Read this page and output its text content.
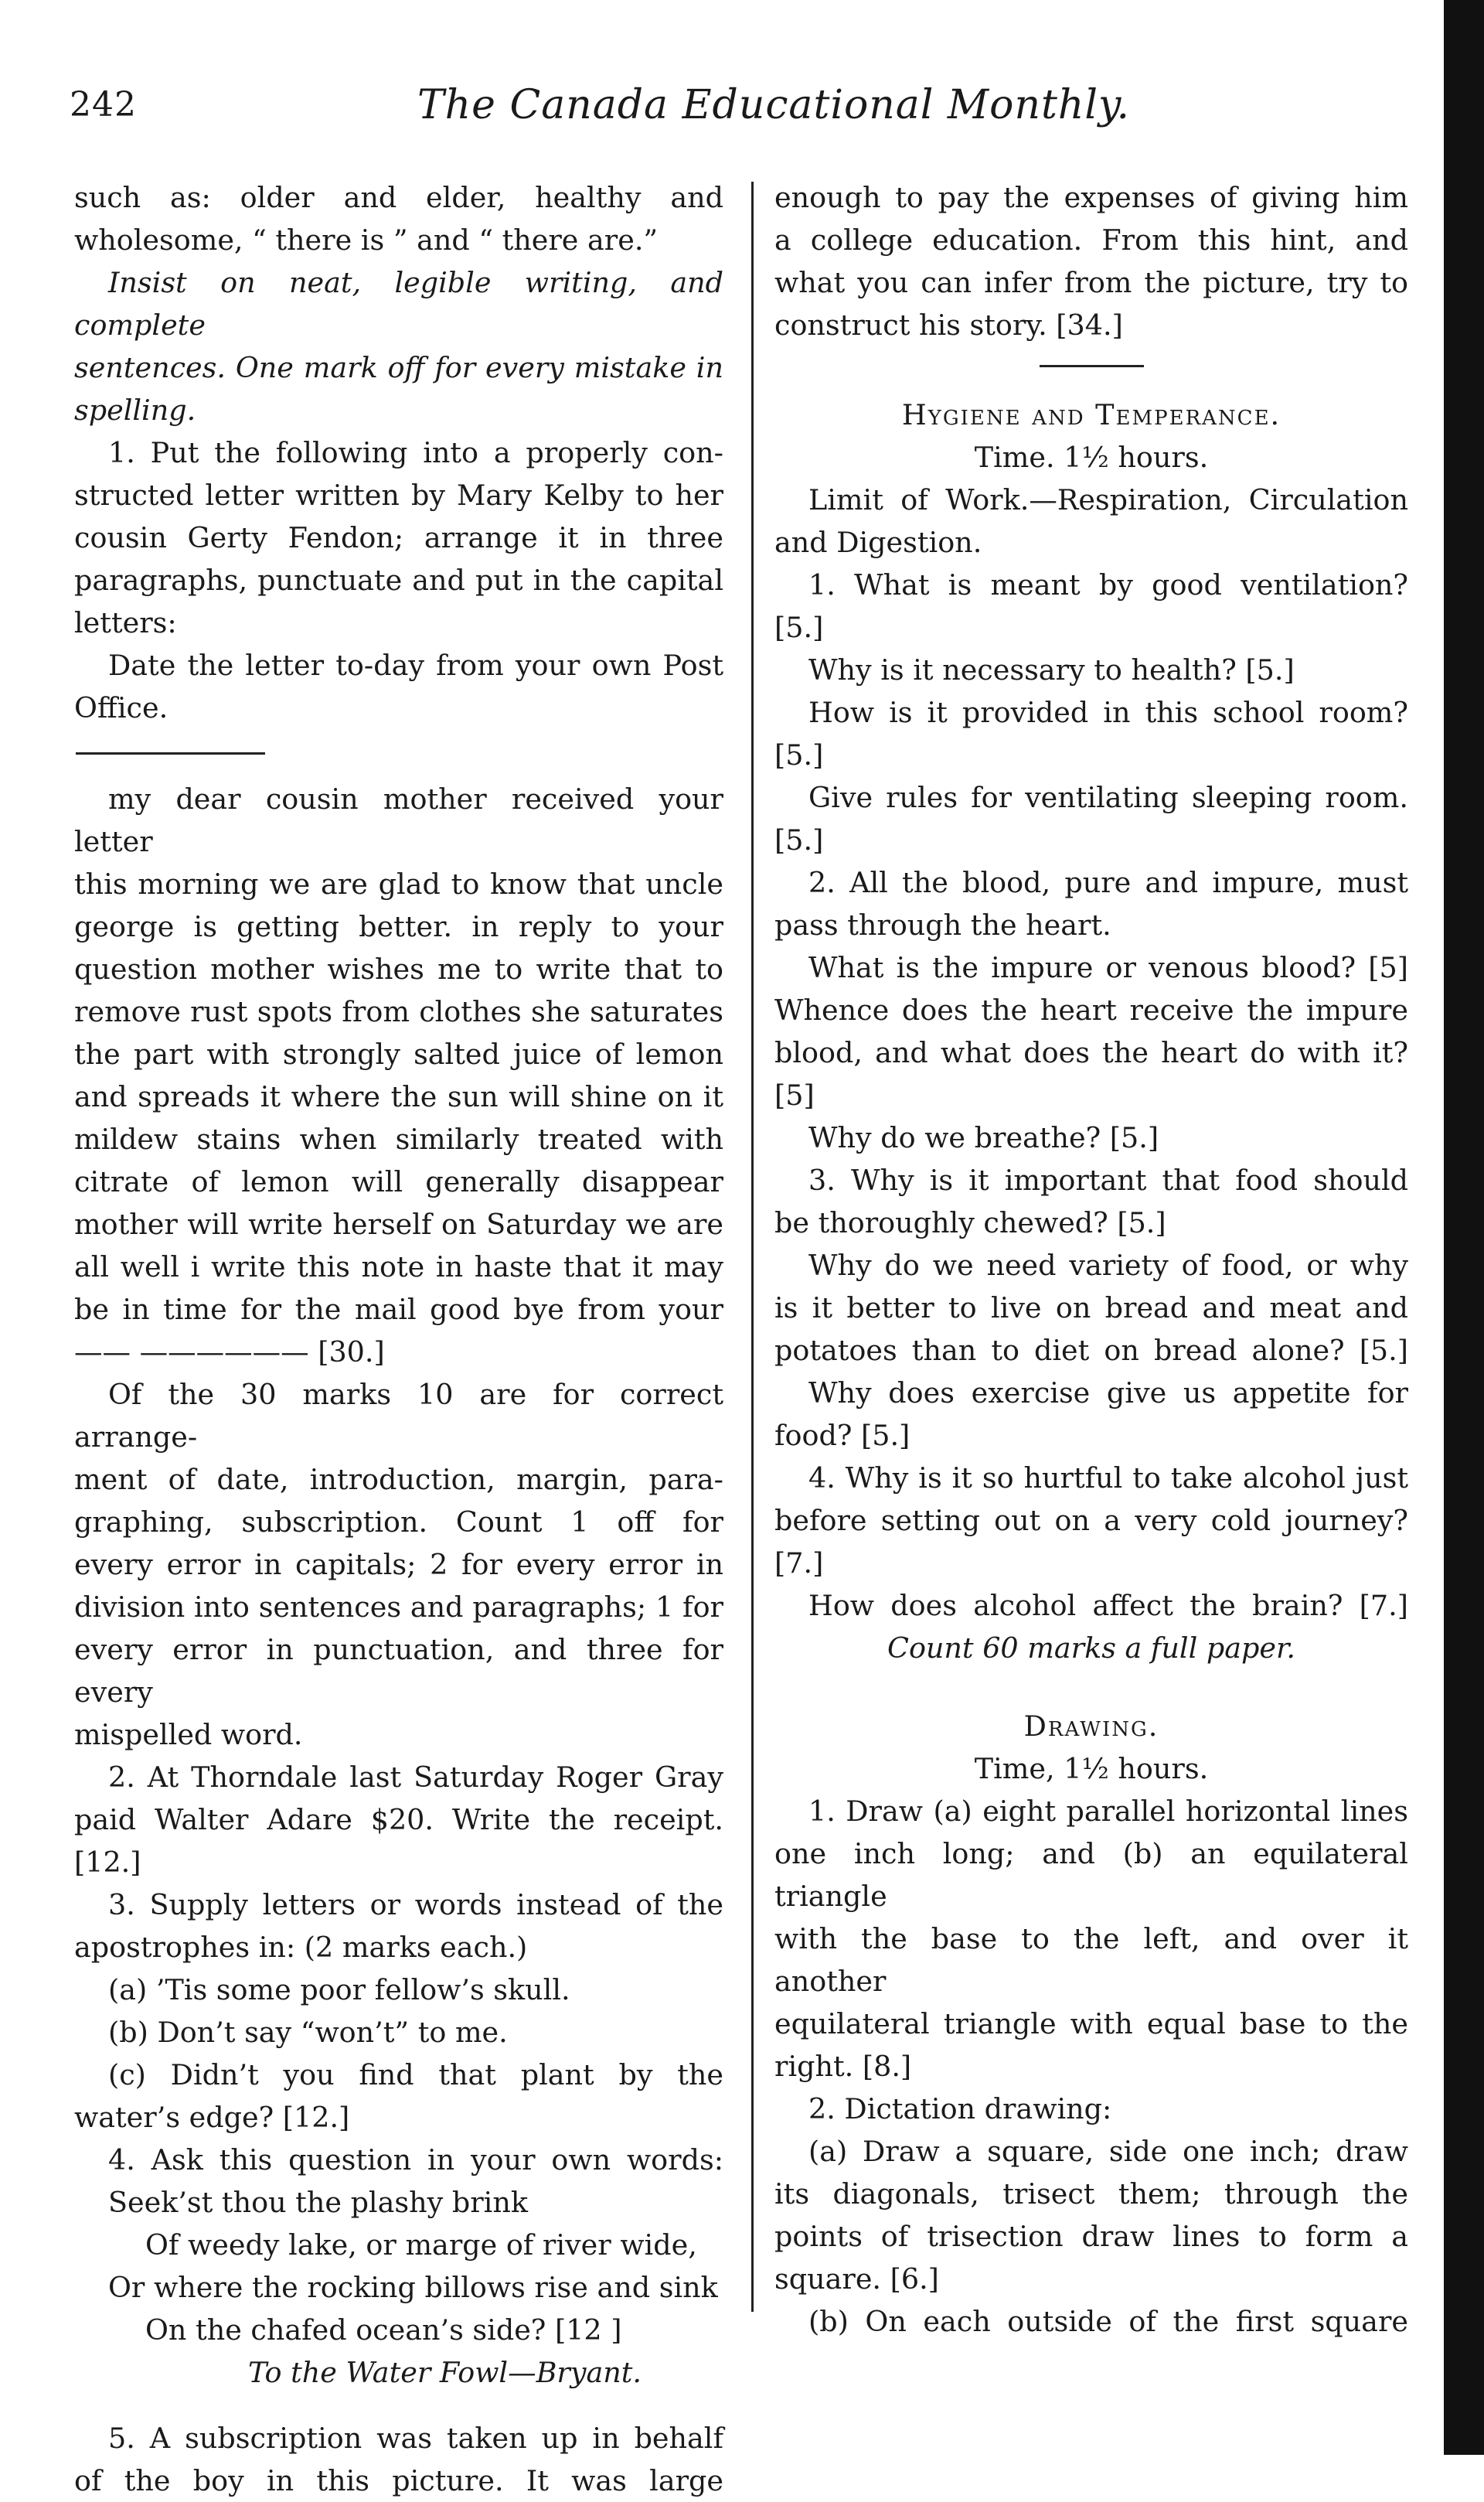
242	The Canada Educational Monthly.

such as: older and elder, healthy and

wholesome, “ there is ” and “ there are.”

Insist on neat, legible writing, and complete

sentences. One mark off for every mistake in

spelling.

1. Put the following into a properly con-

structed letter written by Mary Kelby to her

cousin Gerty Fendon; arrange it in three

paragraphs, punctuate and put in the capital

letters:

Date the letter to-day from your own Post

Office.

my dear cousin mother received your letter

this morning we are glad to know that uncle

george is getting better. in reply to your

question mother wishes me to write that to

remove rust spots from clothes she saturates

the part with strongly salted juice of lemon

and spreads it where the sun will shine on it

mildew stains when similarly treated with

citrate of lemon will generally disappear

mother will write herself on Saturday we are

all well i write this note in haste that it may

be in time for the mail good bye from your

—— —————— [30.]

Of the 30 marks 10 are for correct arrange-

ment of date, introduction, margin, para-

graphing, subscription. Count 1 off for

every error in capitals; 2 for every error in

division into sentences and paragraphs; 1 for

every error in punctuation, and three for every

mispelled word.

2. At Thorndale last Saturday Roger Gray

paid Walter Adare $20. Write the receipt.

[12.]

3. Supply letters or words instead of the

apostrophes in: (2 marks each.)

(a) ’Tis some poor fellow’s skull.

(b) Don’t say “won’t” to me.

(c) Didn’t you find that plant by the

water’s edge? [12.]

4. Ask this question in your own words:

Seek’st thou the plashy brink

Of weedy lake, or marge of river wide,

Or where the rocking billows rise and sink

On the chafed ocean’s side? [12 ]

To the Water Fowl—Bryant.

5. A subscription was taken up in behalf

of the boy in this picture. It was large

enough to pay the expenses of giving him

a college education. From this hint, and

what you can infer from the picture, try to

construct his story. [34.]

Hygiene and Temperance.

Time. 1½ hours.

Limit of Work.—Respiration, Circulation

and Digestion.

1. What is meant by good ventilation?

[5.]

Why is it necessary to health? [5.]

How is it provided in this school room?

[5.]

Give rules for ventilating sleeping room.

[5.]

2. All the blood, pure and impure, must

pass through the heart.

What is the impure or venous blood? [5]

Whence does the heart receive the impure

blood, and what does the heart do with it?

[5]

Why do we breathe? [5.]

3. Why is it important that food should

be thoroughly chewed? [5.]

Why do we need variety of food, or why

is it better to live on bread and meat and

potatoes than to diet on bread alone? [5.]

Why does exercise give us appetite for

food? [5.]

4. Why is it so hurtful to take alcohol just

before setting out on a very cold journey?

[7.]

How does alcohol affect the brain? [7.]

Count 60 marks a full paper.

Drawing.

Time, 1½ hours.

1. Draw (a) eight parallel horizontal lines

one inch long; and (b) an equilateral triangle

with the base to the left, and over it another

equilateral triangle with equal base to the

right. [8.]

2. Dictation drawing:

(a) Draw a square, side one inch; draw

its diagonals, trisect them; through the

points of trisection draw lines to form a

square. [6.]

(b) On each outside of the first square
